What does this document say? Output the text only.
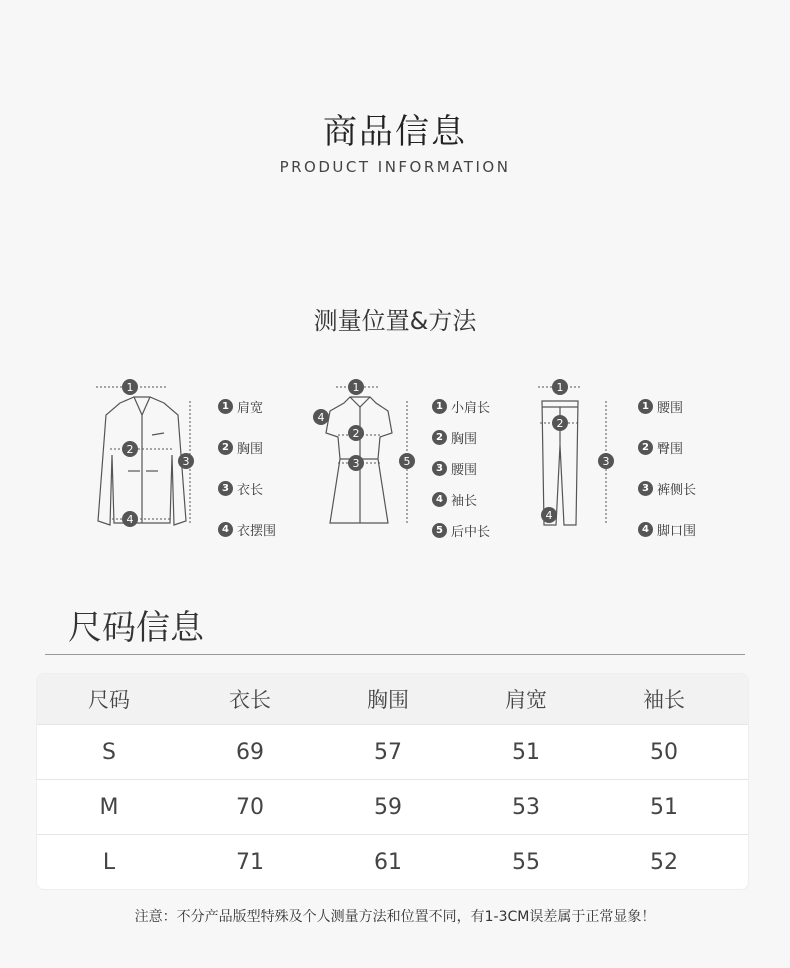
商品信息
PRODUCT INFORMATION
测量位置&方法
1
2
3
4
1 肩宽
2 胸围
3 衣长
4 衣摆围
1
2
3
4
5
1 小肩长
2 胸围
3 腰围
4 袖长
5 后中长
1
2
3
4
1 腰围
2 臀围
3 裤侧长
4 脚口围
尺码信息
尺码	衣长	胸围	肩宽	袖长
S	69	57	51	50
M	70	59	53	51
L	71	61	55	52
注意：不分产品版型特殊及个人测量方法和位置不同，有1-3CM误差属于正常显象！
